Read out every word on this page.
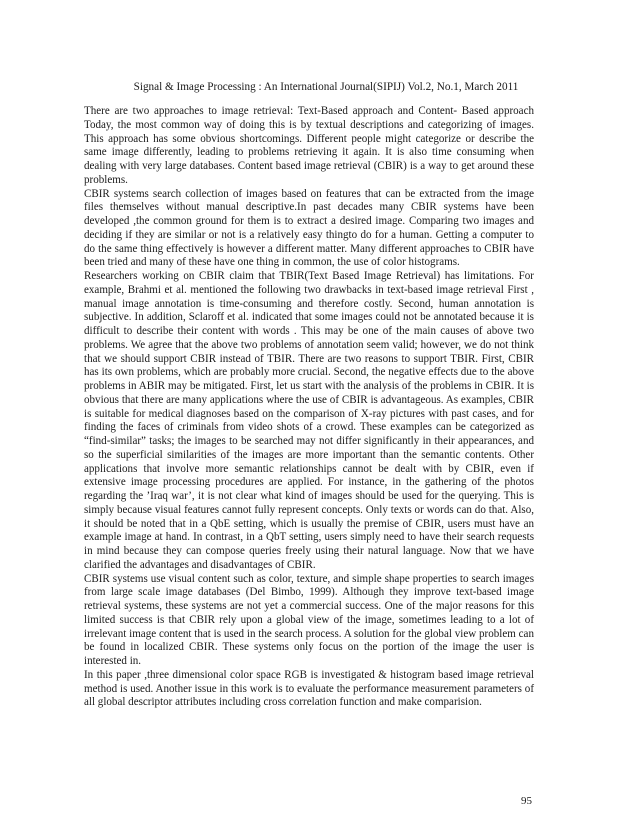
Signal & Image Processing : An International Journal(SIPIJ) Vol.2, No.1, March 2011

There are two approaches to image retrieval: Text-Based approach and Content- Based approach Today, the most common way of doing this is by textual descriptions and categorizing of images. This approach has some obvious shortcomings. Different people might categorize or describe the same image differently, leading to problems retrieving it again. It is also time consuming when dealing with very large databases. Content based image retrieval (CBIR) is a way to get around these problems.

CBIR systems search collection of images based on features that can be extracted from the image files themselves without manual descriptive.In past decades many CBIR systems have been developed ,the common ground for them is to extract a desired image. Comparing two images and deciding if they are similar or not is a relatively easy thingto do for a human. Getting a computer to do the same thing effectively is however a different matter. Many different approaches to CBIR have been tried and many of these have one thing in common, the use of color histograms.

Researchers working on CBIR claim that TBIR(Text Based Image Retrieval) has limitations. For example, Brahmi et al. mentioned the following two drawbacks in text-based image retrieval First , manual image annotation is time-consuming and therefore costly. Second, human annotation is subjective. In addition, Sclaroff et al. indicated that some images could not be annotated because it is difficult to describe their content with words . This may be one of the main causes of above two problems. We agree that the above two problems of annotation seem valid; however, we do not think that we should support CBIR instead of TBIR. There are two reasons to support TBIR. First, CBIR has its own problems, which are probably more crucial. Second, the negative effects due to the above problems in ABIR may be mitigated. First, let us start with the analysis of the problems in CBIR. It is obvious that there are many applications where the use of CBIR is advantageous. As examples, CBIR is suitable for medical diagnoses based on the comparison of X-ray pictures with past cases, and for finding the faces of criminals from video shots of a crowd. These examples can be categorized as “find-similar” tasks; the images to be searched may not differ significantly in their appearances, and so the superficial similarities of the images are more important than the semantic contents. Other applications that involve more semantic relationships cannot be dealt with by CBIR, even if extensive image processing procedures are applied. For instance, in the gathering of the photos regarding the ’Iraq war’, it is not clear what kind of images should be used for the querying. This is simply because visual features cannot fully represent concepts. Only texts or words can do that. Also, it should be noted that in a QbE setting, which is usually the premise of CBIR, users must have an example image at hand. In contrast, in a QbT setting, users simply need to have their search requests in mind because they can compose queries freely using their natural language. Now that we have clarified the advantages and disadvantages of CBIR.

CBIR systems use visual content such as color, texture, and simple shape properties to search images from large scale image databases (Del Bimbo, 1999). Although they improve text-based image retrieval systems, these systems are not yet a commercial success. One of the major reasons for this limited success is that CBIR rely upon a global view of the image, sometimes leading to a lot of irrelevant image content that is used in the search process. A solution for the global view problem can be found in localized CBIR. These systems only focus on the portion of the image the user is interested in.

In this paper ,three dimensional color space RGB is investigated & histogram based image retrieval method is used. Another issue in this work is to evaluate the performance measurement parameters of all global descriptor attributes including cross correlation function and make comparision.

95
